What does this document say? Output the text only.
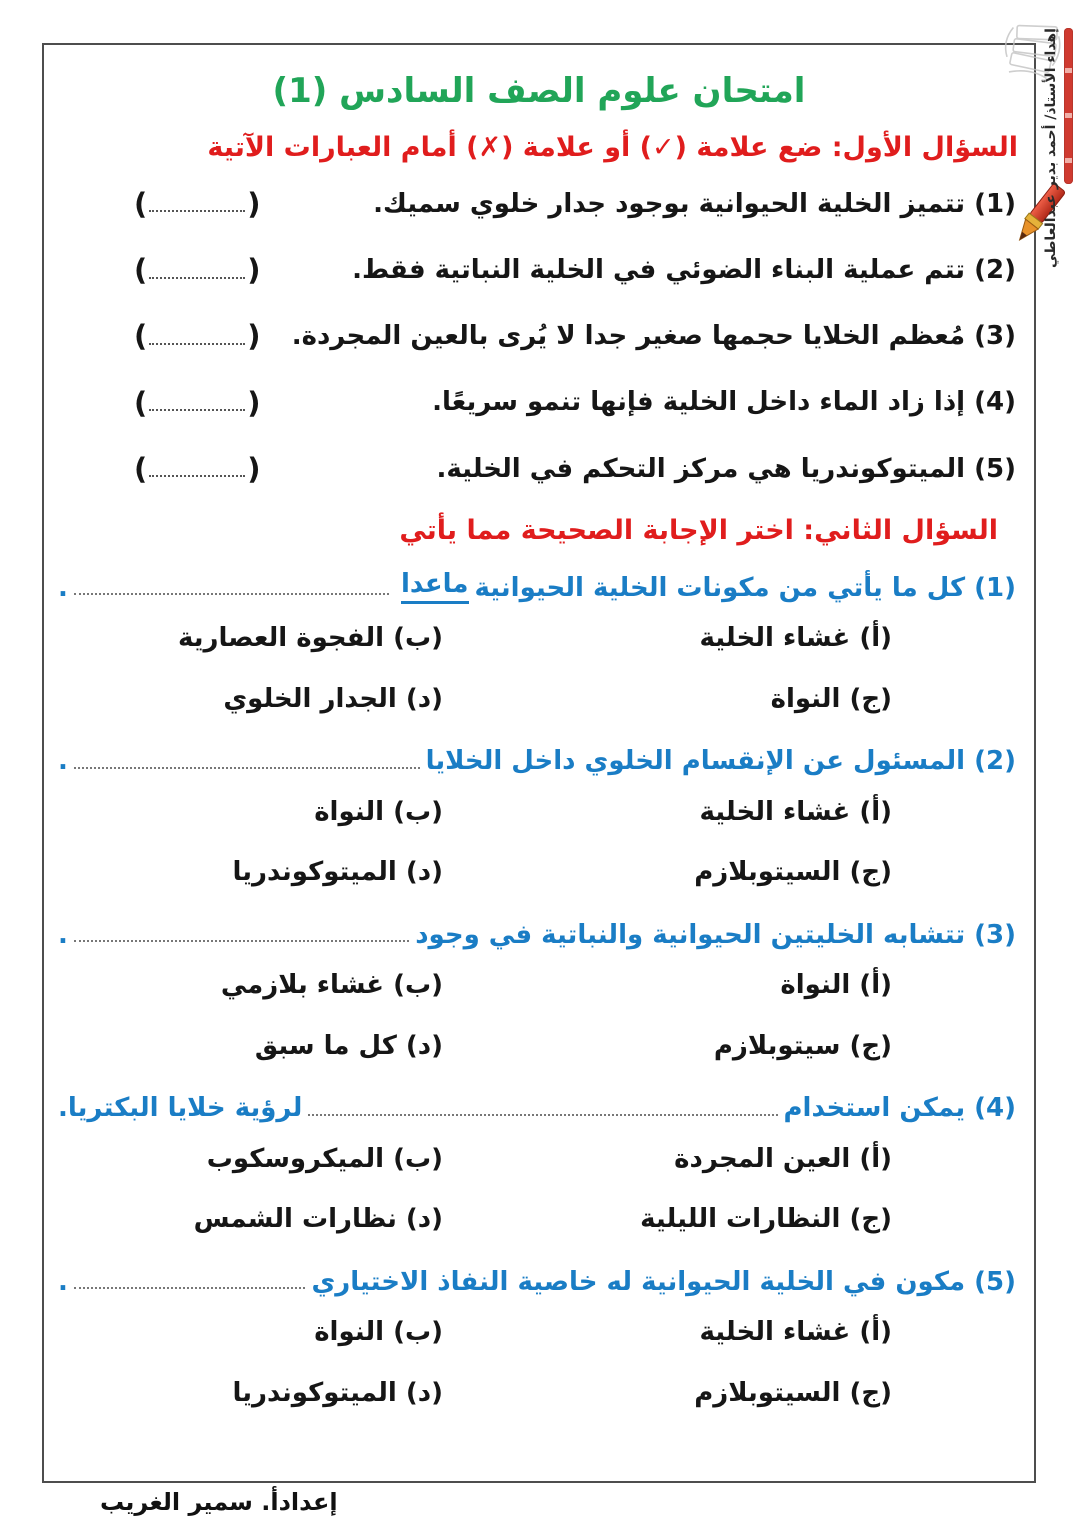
امتحان علوم الصف السادس (1)
السؤال الأول: ضع علامة (✓) أو علامة (✗) أمام العبارات الآتية
(1) تتميز الخلية الحيوانية بوجود جدار خلوي سميك.
(
)
(2) تتم عملية البناء الضوئي في الخلية النباتية فقط.
(
)
(3) مُعظم الخلايا حجمها صغير جدا لا يُرى بالعين المجردة.
(
)
(4) إذا زاد الماء داخل الخلية فإنها تنمو سريعًا.
(
)
(5) الميتوكوندريا هي مركز التحكم في الخلية.
(
)
السؤال الثاني: اختر الإجابة الصحيحة مما يأتي
(1) كل ما يأتي من مكونات الخلية الحيوانية
ماعدا
.
(أ) غشاء الخلية
(ب) الفجوة العصارية
(ج) النواة
(د) الجدار الخلوي
(2) المسئول عن الإنقسام الخلوي داخل الخلايا
.
(أ) غشاء الخلية
(ب) النواة
(ج) السيتوبلازم
(د) الميتوكوندريا
(3) تتشابه الخليتين الحيوانية والنباتية في وجود
.
(أ) النواة
(ب) غشاء بلازمي
(ج) سيتوبلازم
(د) كل ما سبق
(4) يمكن استخدام
لرؤية خلايا البكتريا.
(أ) العين المجردة
(ب) الميكروسكوب
(ج) النظارات الليلية
(د) نظارات الشمس
(5) مكون في الخلية الحيوانية له خاصية النفاذ الاختياري
.
(أ) غشاء الخلية
(ب) النواة
(ج) السيتوبلازم
(د) الميتوكوندريا
إهداء الأستاذ/ أحمد بدير عبدالعاطي
إعدادأ. سمير الغريب
